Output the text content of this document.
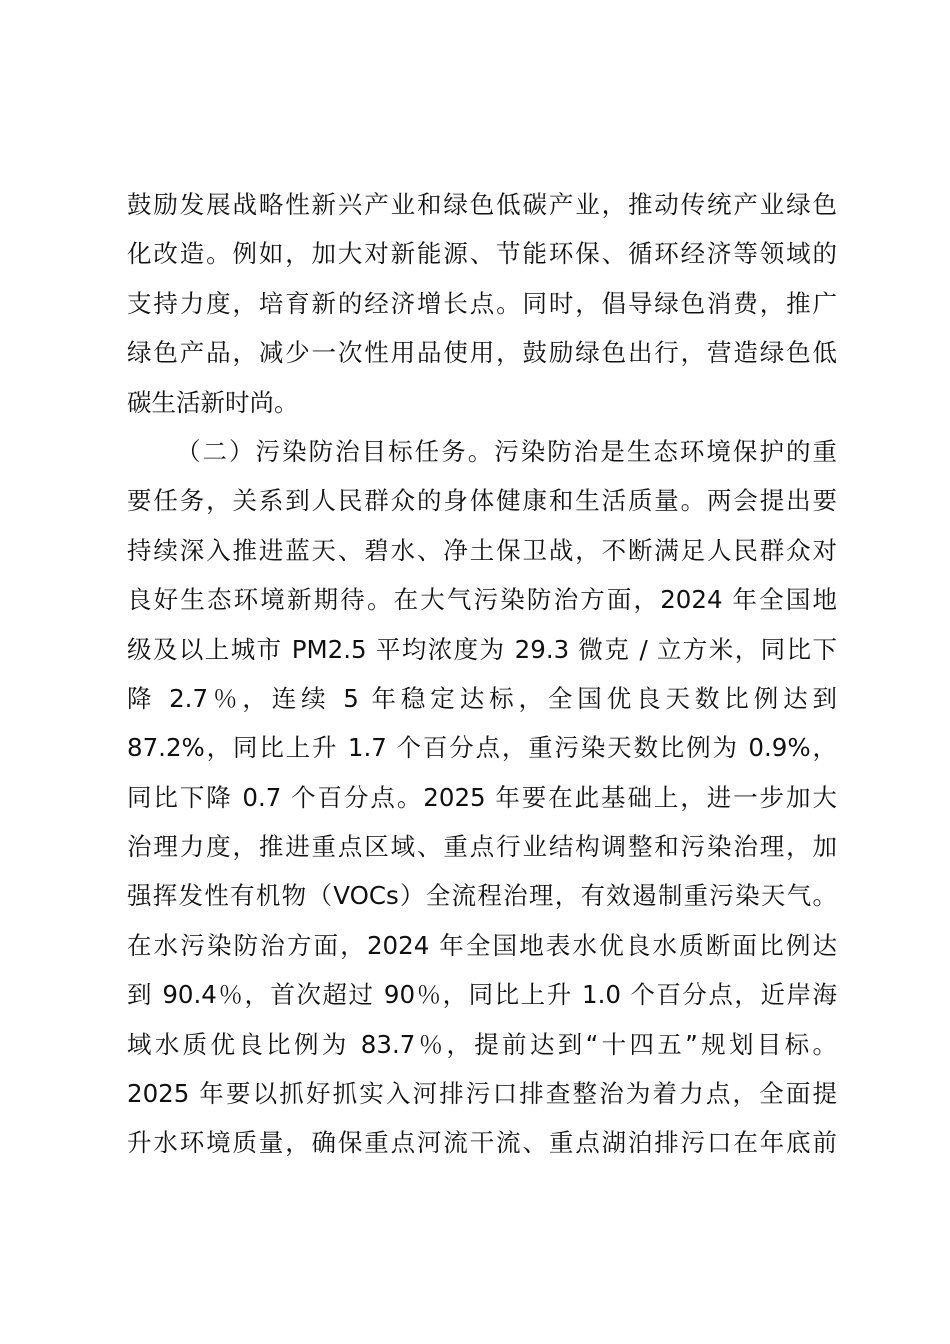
鼓励发展战略性新兴产业和绿色低碳产业，推动传统产业绿色
化改造。例如，加大对新能源、节能环保、循环经济等领域的
支持力度，培育新的经济增长点。同时，倡导绿色消费，推广
绿色产品，减少一次性用品使用，鼓励绿色出行，营造绿色低
碳生活新时尚。
（二）污染防治目标任务。污染防治是生态环境保护的重
要任务，关系到人民群众的身体健康和生活质量。两会提出要
持续深入推进蓝天、碧水、净土保卫战，不断满足人民群众对
良好生态环境新期待。在大气污染防治方面，2024 年全国地
级及以上城市 PM2.5 平均浓度为 29.3 微克 / 立方米，同比下
降 2.7％，连续 5 年稳定达标，全国优良天数比例达到
87.2%，同比上升 1.7 个百分点，重污染天数比例为 0.9%，
同比下降 0.7 个百分点。2025 年要在此基础上，进一步加大
治理力度，推进重点区域、重点行业结构调整和污染治理，加
强挥发性有机物（VOCs）全流程治理，有效遏制重污染天气。
在水污染防治方面，2024 年全国地表水优良水质断面比例达
到 90.4％，首次超过 90％，同比上升 1.0 个百分点，近岸海
域水质优良比例为 83.7％，提前达到“十四五”规划目标。
2025 年要以抓好抓实入河排污口排查整治为着力点，全面提
升水环境质量，确保重点河流干流、重点湖泊排污口在年底前
